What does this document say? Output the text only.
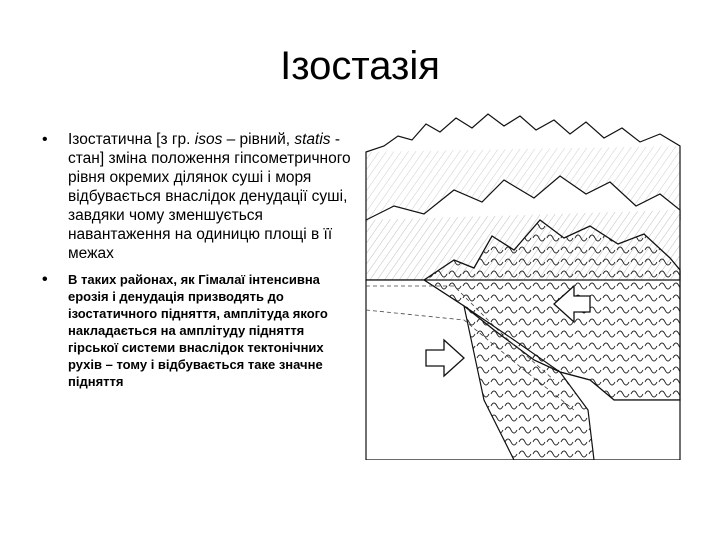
Ізостазія
• Ізостатична [з гр. isos – рівний, statis - стан] зміна положення гіпсометричного рівня окремих ділянок суші і моря відбувається внаслідок денудації суші, завдяки чому зменшується навантаження на одиницю площі в її межах
• В таких районах, як Гімалаї інтенсивна ерозія і денудація призводять до ізостатичного підняття, амплітуда якого накладається на амплітуду підняття гірської системи внаслідок тектонічних рухів – тому і відбувається таке значне підняття
